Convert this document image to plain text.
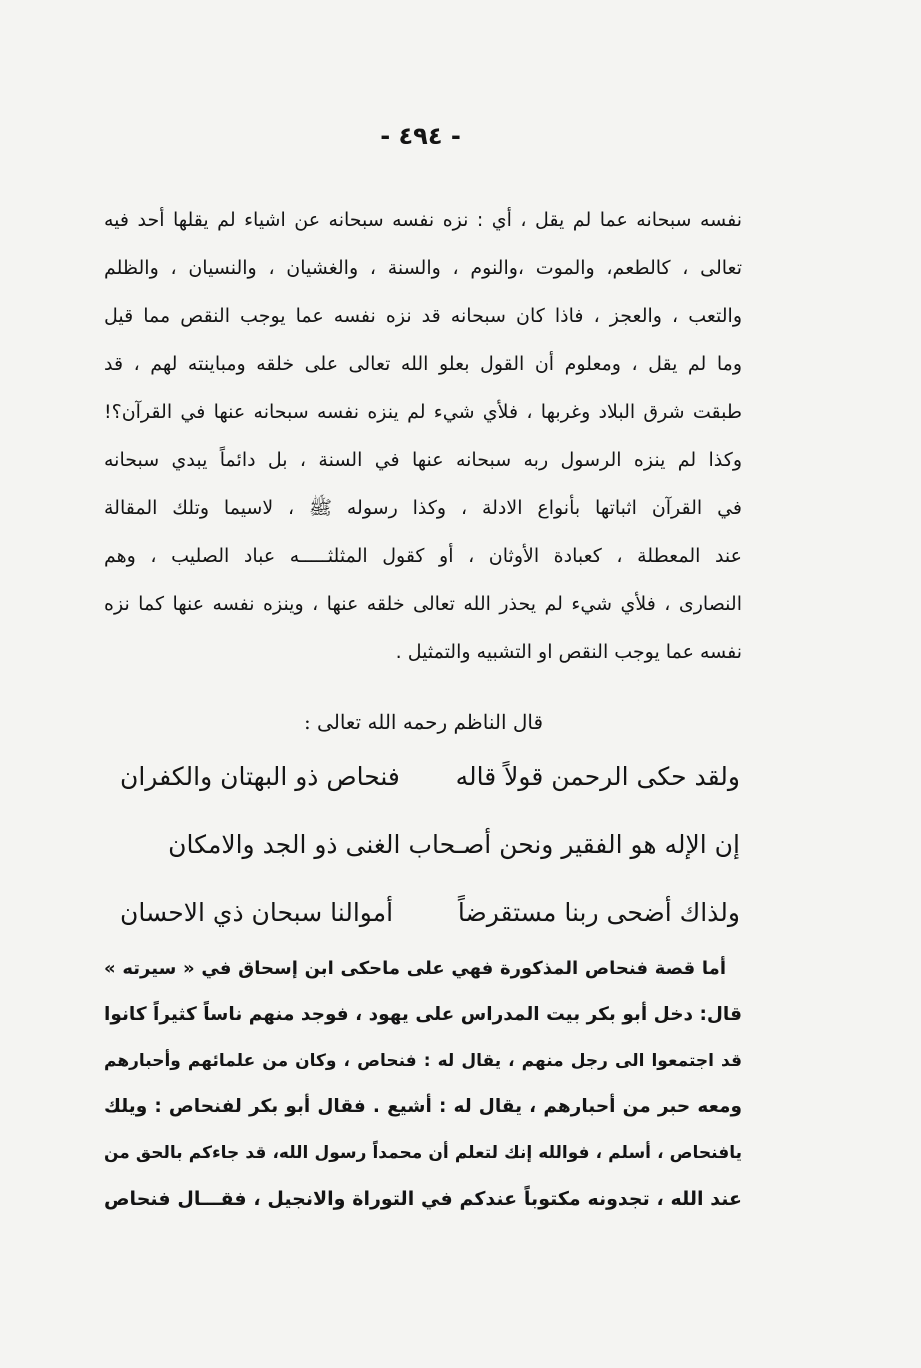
- ٤٩٤ -
نفسه سبحانه عما لم يقل ، أي : نزه نفسه سبحانه عن اشياء لم يقلها أحد فيه
تعالى ، كالطعم، والموت ،والنوم ، والسنة ، والغشيان ، والنسيان ، والظلم
والتعب ، والعجز ، فاذا كان سبحانه قد نزه نفسه عما يوجب النقص مما قيل
وما لم يقل ، ومعلوم أن القول بعلو الله تعالى على خلقه ومباينته لهم ، قد
طبقت شرق البلاد وغربها ، فلأي شيء لم ينزه نفسه سبحانه عنها في القرآن؟!
وكذا لم ينزه الرسول ربه سبحانه عنها في السنة ، بل دائماً يبدي سبحانه
في القرآن اثباتها بأنواع الادلة ، وكذا رسوله ﷺ ، لاسيما وتلك المقالة
عند المعطلة ، كعبادة الأوثان ، أو كقول المثلثـــــه عباد الصليب ، وهم
النصارى ، فلأي شيء لم يحذر الله تعالى خلقه عنها ، وينزه نفسه عنها كما نزه
نفسه عما يوجب النقص او التشبيه والتمثيل .
قال الناظم رحمه الله تعالى :
ولقد حكى الرحمن قولاً قاله
فنحاص ذو البهتان والكفران
إن الإله هو الفقير ونحن أصـحاب الغنى ذو الجد والامكان
ولذاك أضحى ربنا مستقرضاً
أموالنا سبحان ذي الاحسان
أما قصة فنحاص المذكورة فهي على ماحكى ابن إسحاق في « سيرته »
قال: دخل أبو بكر بيت المدراس على يهود ، فوجد منهم ناساً كثيراً كانوا
قد اجتمعوا الى رجل منهم ، يقال له : فنحاص ، وكان من علمائهم وأحبارهم
ومعه حبر من أحبارهم ، يقال له : أشيع . فقال أبو بكر لفنحاص : ويلك
يافنحاص ، أسلم ، فوالله إنك لتعلم أن محمداً رسول الله، قد جاءكم بالحق من
عند الله ، تجدونه مكتوباً عندكم في التوراة والانجيل ، فقـــال فنحاص
